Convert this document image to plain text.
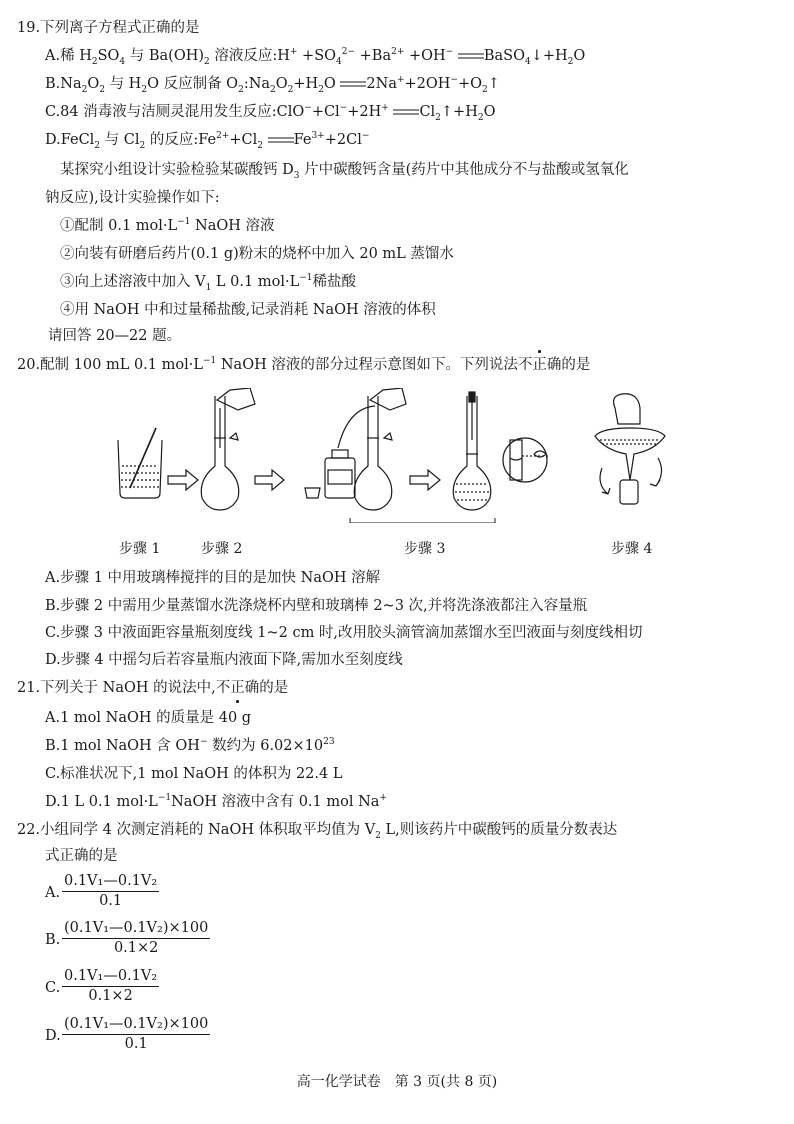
19.下列离子方程式正确的是
A.稀 $H_2SO_4$ 与 $Ba(OH)_2$ 溶液反应:H+ $+SO_4^{2-} +Ba^{2+} +OH^-$ $BaSO_4↓+H_2O$
$B.Na_2O_2$ 与 $H_2O$ 反应制备 $O_2:Na_2O_2+H_2O$ $2Na^++2OH^-+O_2↑$
C.84 消毒液与洁厕灵混用发生反应:ClO−+Cl−+2H+ $Cl_2↑+H_2O$
D.FeCl$_2$ 与 $Cl_2$ 的反应$:Fe^{2+}+Cl_2$ $Fe^{3+}+2Cl^-$
某探究小组设计实验检验某碳酸钙 $D_3$ 片中碳酸钙含量(药片中其他成分不与盐酸或氢氧化
钠反应),设计实验操作如下:
①配制 0.1 $mol\cdot L^{-1}$ NaOH 溶液
②向装有研磨后药片(0.1 g)粉末的烧杯中加入 20 mL 蒸馏水
③向上述溶液中加入 $V_1$ L 0.1 $mol\cdot L^{-1}$稀盐酸
④用 NaOH 中和过量稀盐酸,记录消耗 NaOH 溶液的体积
请回答 20—22 题。
20.配制 100 mL 0.1 $mol\cdot L^{-1}$ NaOH 溶液的部分过程示意图如下。下列说法不正确的是
步骤 1	步骤 2	步骤 3	步骤 4
A.步骤 1 中用玻璃棒搅拌的目的是加快 NaOH 溶解
B.步骤 2 中需用少量蒸馏水洗涤烧杯内壁和玻璃棒 2~3 次,并将洗涤液都注入容量瓶
C.步骤 3 中液面距容量瓶刻度线 1~2 cm 时,改用胶头滴管滴加蒸馏水至凹液面与刻度线相切
D.步骤 4 中摇匀后若容量瓶内液面下降,需加水至刻度线
21.下列关于 NaOH 的说法中,不正确的是
A.1 mol NaOH 的质量是 40 g
B.1 mol NaOH 含 OH− 数约为 $6.02\times 10^{23}$
C.标准状况下,1 mol NaOH 的体积为 22.4 L
D.1 L 0.1 $mol\cdot L^{-1}NaOH$ 溶液中含有 0.1 mol Na+
22.小组同学 4 次测定消耗的 NaOH 体积取平均值为 $V_2$ L,则该药片中碳酸钙的质量分数表达
式正确的是
A. $\frac{\text{0.1V₁—0.1V₂}}{0.1}$
B. $\frac{\text{(0.1V₁—0.1V₂)×100}}{0.1\times 2}$
C. $\frac{\text{0.1V₁—0.1V₂}}{0.1\times 2}$
D. $\frac{\text{(0.1V₁—0.1V₂)×100}}{0.1}$
高一化学试卷　第 3 页(共 8 页)
